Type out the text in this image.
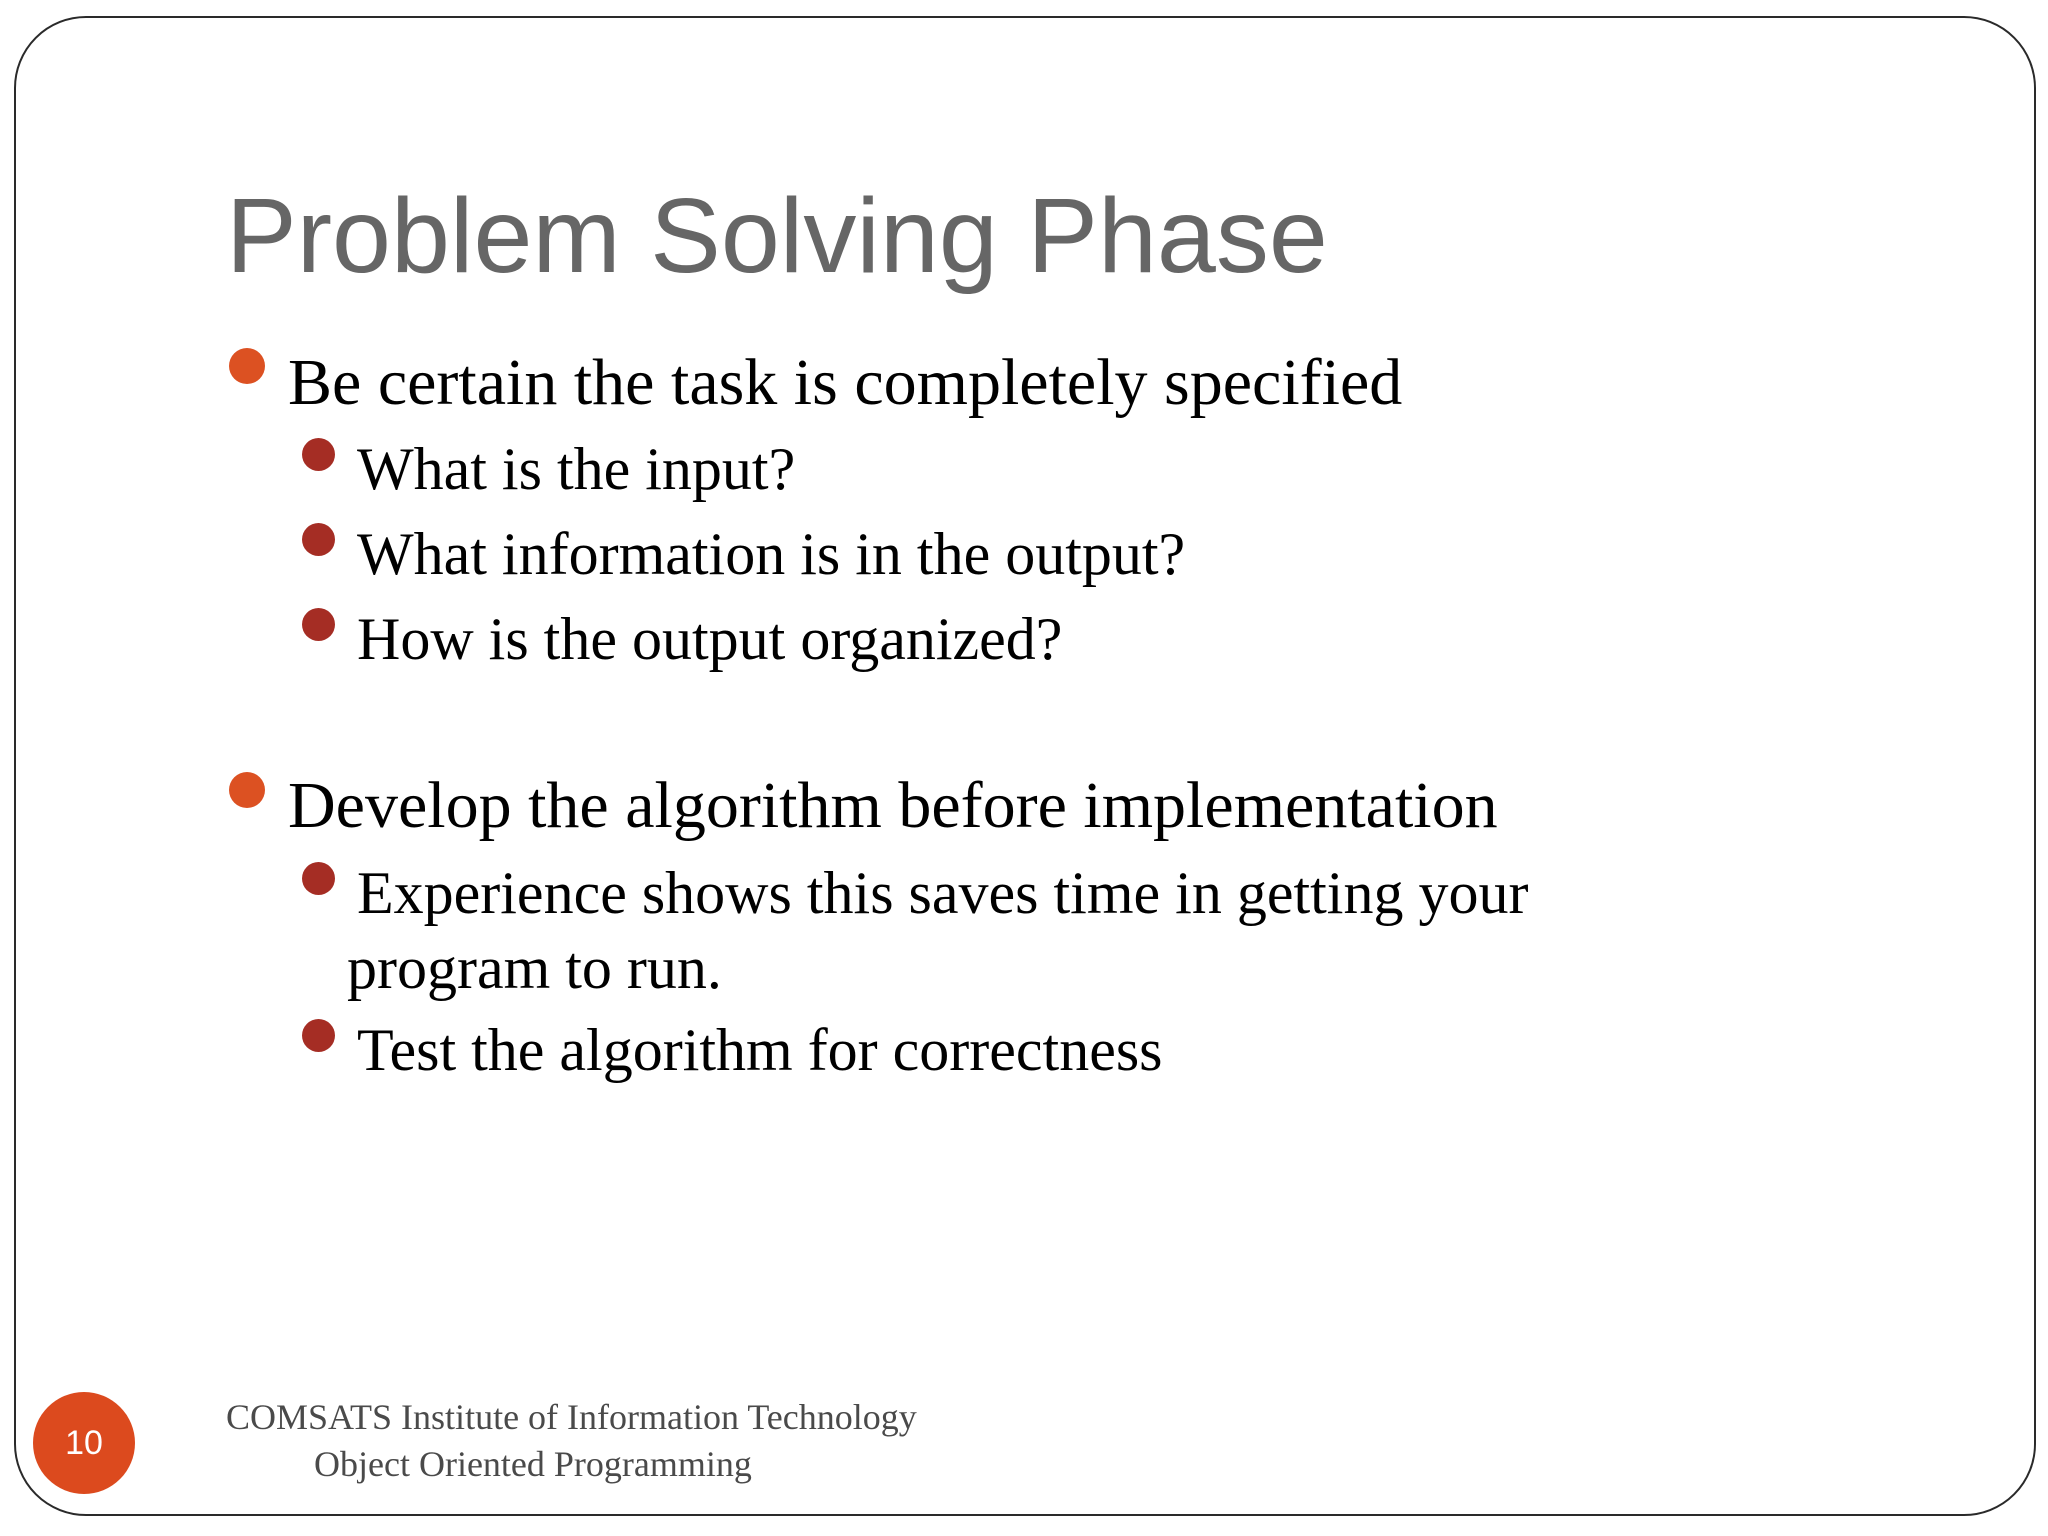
Problem Solving Phase
Be certain the task is completely specified
What is the input?
What information is in the output?
How is the output organized?
Develop the algorithm before implementation
Experience shows this saves time in getting your
program to run.
Test the algorithm for correctness
COMSATS Institute of Information Technology
Object Oriented Programming
10
